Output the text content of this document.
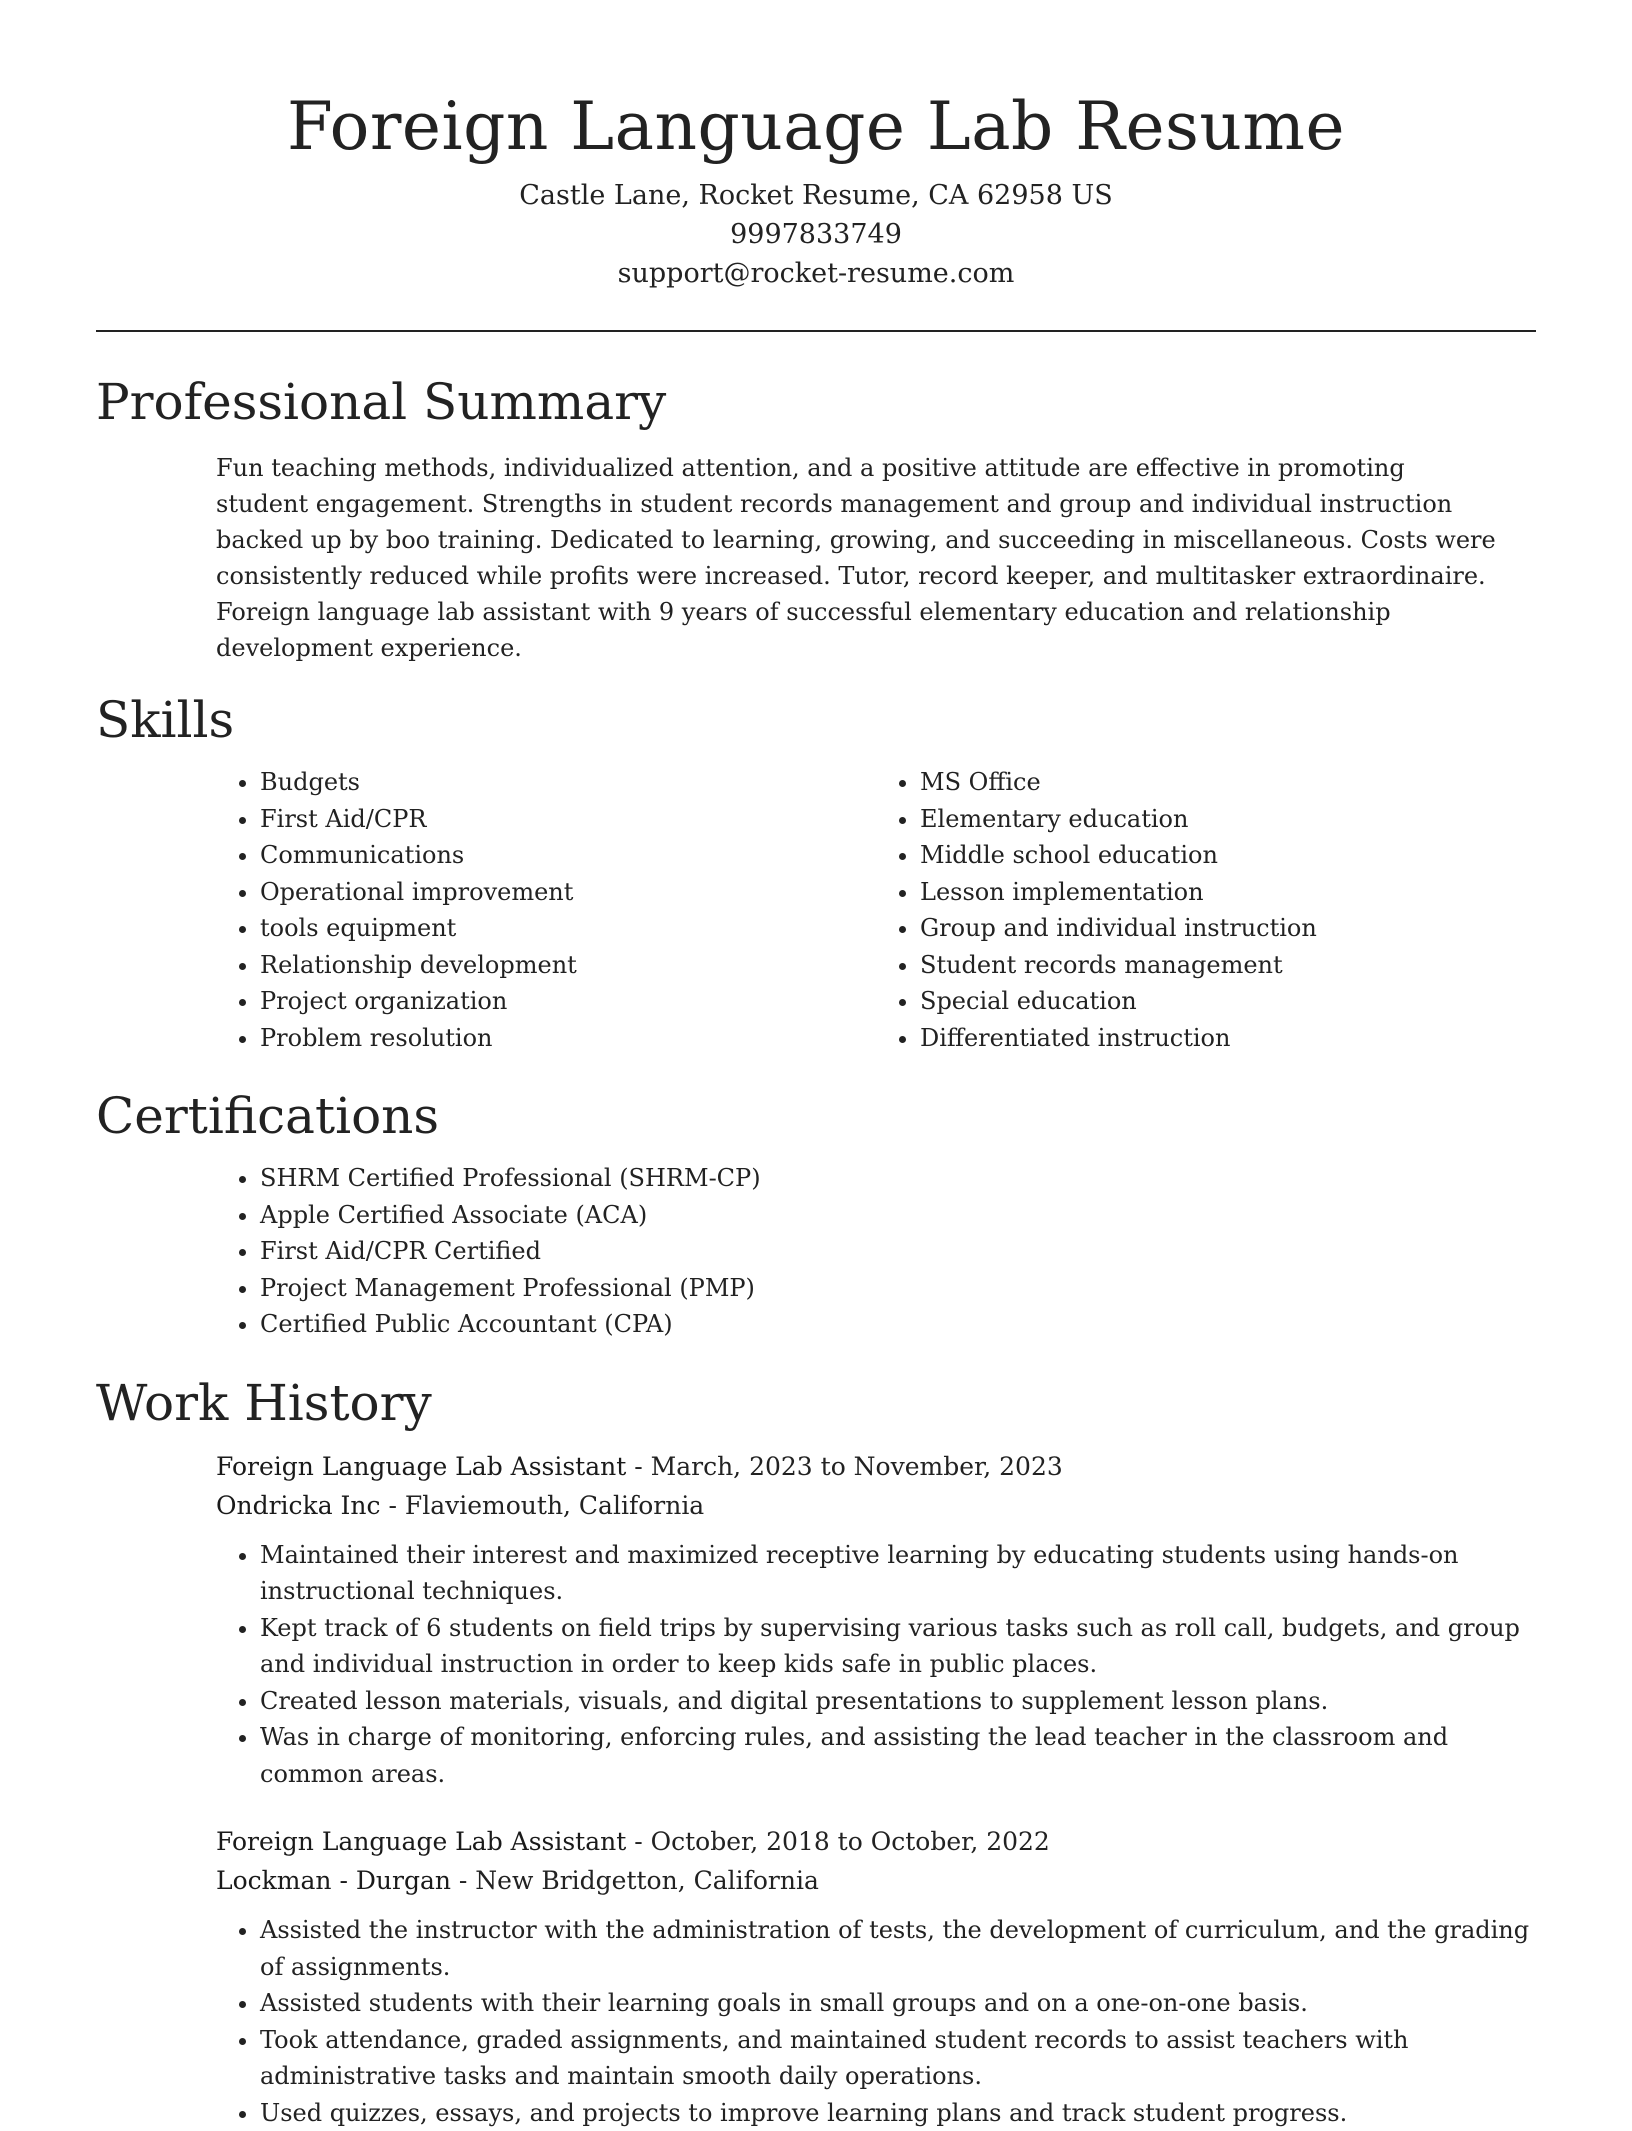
Foreign Language Lab Resume
Castle Lane, Rocket Resume, CA 62958 US
9997833749
support@rocket-resume.com
Professional Summary

Fun teaching methods, individualized attention, and a positive attitude are effective in promoting student engagement. Strengths in student records management and group and individual instruction backed up by boo training. Dedicated to learning, growing, and succeeding in miscellaneous. Costs were consistently reduced while profits were increased. Tutor, record keeper, and multitasker extraordinaire. Foreign language lab assistant with 9 years of successful elementary education and relationship development experience.

Skills
• Budgets
• First Aid/CPR
• Communications
• Operational improvement
• tools equipment
• Relationship development
• Project organization
• Problem resolution
• MS Office
• Elementary education
• Middle school education
• Lesson implementation
• Group and individual instruction
• Student records management
• Special education
• Differentiated instruction
Certifications
• SHRM Certified Professional (SHRM-CP)
• Apple Certified Associate (ACA)
• First Aid/CPR Certified
• Project Management Professional (PMP)
• Certified Public Accountant (CPA)
Work History
Foreign Language Lab Assistant - March, 2023 to November, 2023
Ondricka Inc - Flaviemouth, California
• Maintained their interest and maximized receptive learning by educating students using hands-on instructional techniques.
• Kept track of 6 students on field trips by supervising various tasks such as roll call, budgets, and group and individual instruction in order to keep kids safe in public places.
• Created lesson materials, visuals, and digital presentations to supplement lesson plans.
• Was in charge of monitoring, enforcing rules, and assisting the lead teacher in the classroom and common areas.
Foreign Language Lab Assistant - October, 2018 to October, 2022
Lockman - Durgan - New Bridgetton, California
• Assisted the instructor with the administration of tests, the development of curriculum, and the grading of assignments.
• Assisted students with their learning goals in small groups and on a one-on-one basis.
• Took attendance, graded assignments, and maintained student records to assist teachers with administrative tasks and maintain smooth daily operations.
• Used quizzes, essays, and projects to improve learning plans and track student progress.
